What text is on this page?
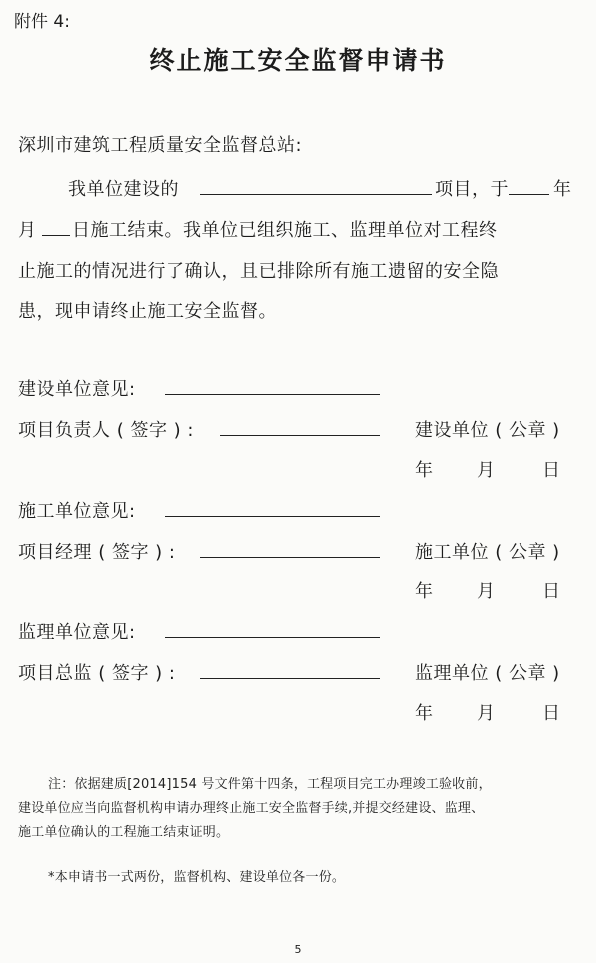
附件 4:
终止施工安全监督申请书
深圳市建筑工程质量安全监督总站:
我单位建设的	项目，于 年
月 日施工结束。我单位已组织施工、监理单位对工程终
止施工的情况进行了确认，且已排除所有施工遗留的安全隐
患，现申请终止施工安全监督。
建设单位意见:
项目负责人 ( 签字 ) :	建设单位 ( 公章 )
年 月	日
施工单位意见:
项目经理 ( 签字 ) :	施工单位 ( 公章 )
年 月	日
监理单位意见:
项目总监 ( 签字 ) :	监理单位 ( 公章 )
年 月	日
注：依据建质[2014]154 号文件第十四条，工程项目完工办理竣工验收前，
建设单位应当向监督机构申请办理终止施工安全监督手续,并提交经建设、监理、
施工单位确认的工程施工结束证明。
*本申请书一式两份，监督机构、建设单位各一份。
5
